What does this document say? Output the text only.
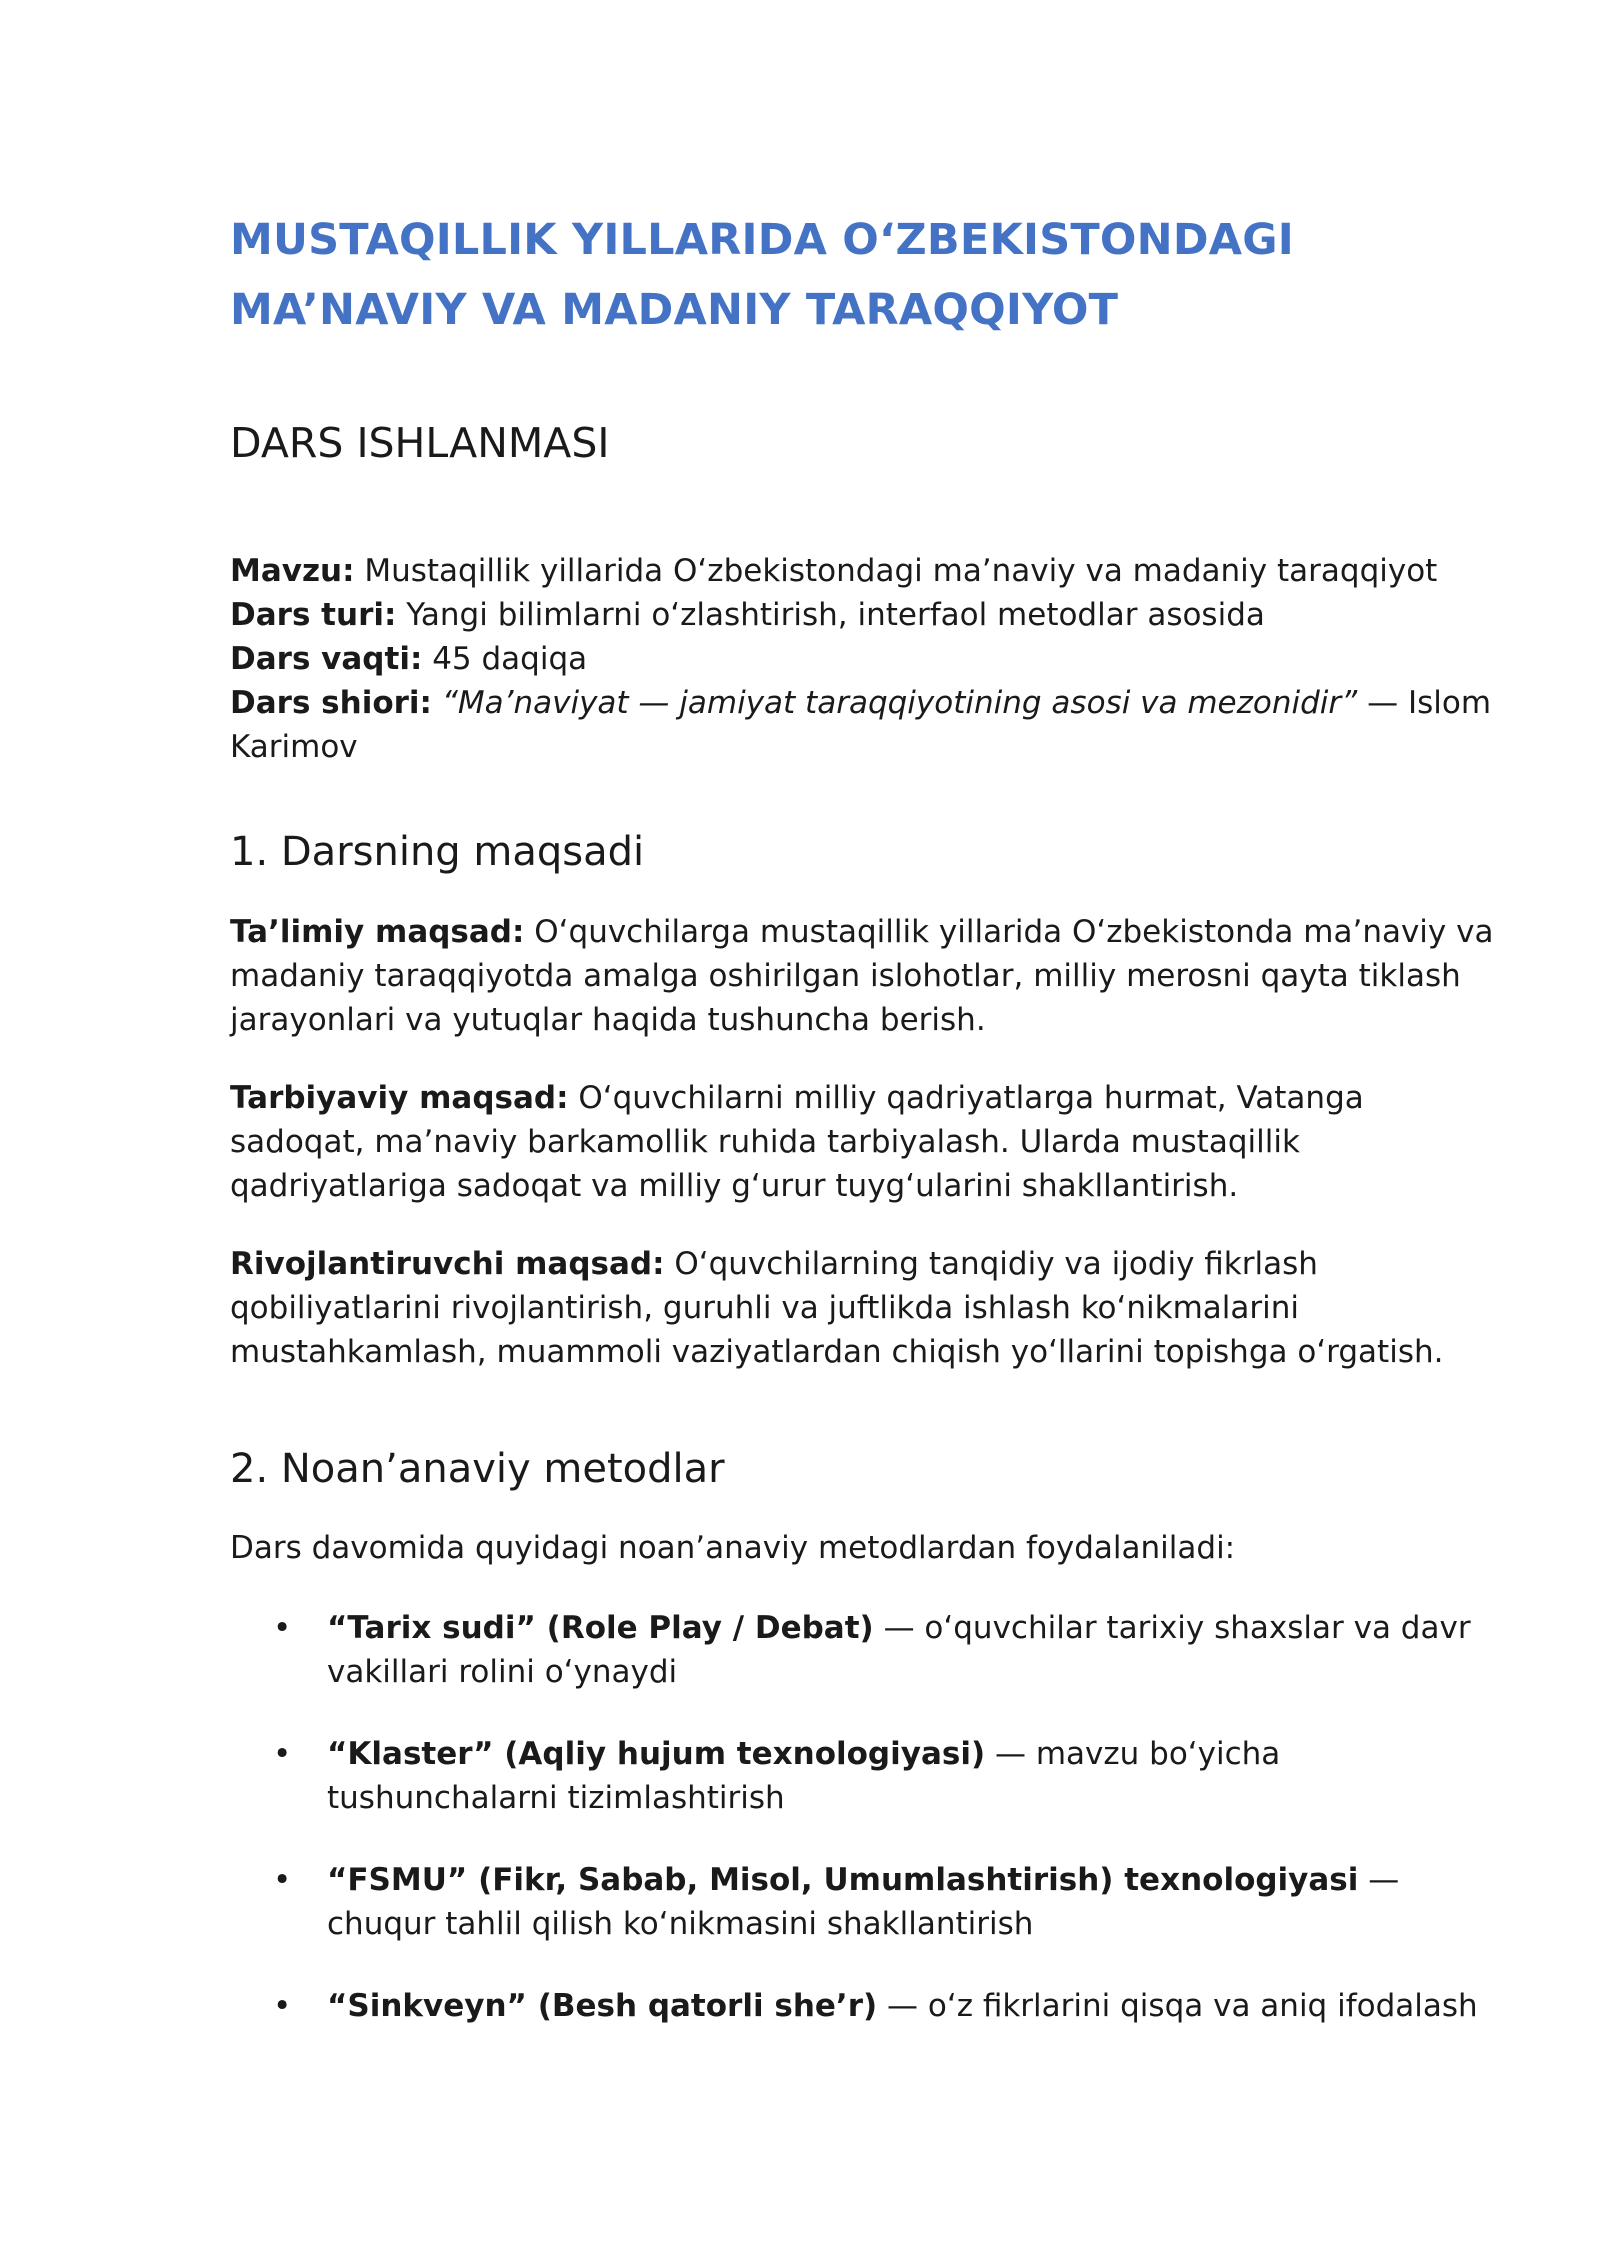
MUSTAQILLIK YILLARIDA O‘ZBEKISTONDAGI
MA’NAVIY VA MADANIY TARAQQIYOT
DARS ISHLANMASI
Mavzu: Mustaqillik yillarida O‘zbekistondagi ma’naviy va madaniy taraqqiyot
Dars turi: Yangi bilimlarni o‘zlashtirish, interfaol metodlar asosida
Dars vaqti: 45 daqiqa
Dars shiori: “Ma’naviyat — jamiyat taraqqiyotining asosi va mezonidir” — Islom Karimov
1. Darsning maqsadi

Ta’limiy maqsad: O‘quvchilarga mustaqillik yillarida O‘zbekistonda ma’naviy va madaniy taraqqiyotda amalga oshirilgan islohotlar, milliy merosni qayta tiklash jarayonlari va yutuqlar haqida tushuncha berish.

Tarbiyaviy maqsad: O‘quvchilarni milliy qadriyatlarga hurmat, Vatanga sadoqat, ma’naviy barkamollik ruhida tarbiyalash. Ularda mustaqillik qadriyatlariga sadoqat va milliy g‘urur tuyg‘ularini shakllantirish.

Rivojlantiruvchi maqsad: O‘quvchilarning tanqidiy va ijodiy fikrlash qobiliyatlarini rivojlantirish, guruhli va juftlikda ishlash ko‘nikmalarini mustahkamlash, muammoli vaziyatlardan chiqish yo‘llarini topishga o‘rgatish.

2. Noan’anaviy metodlar

Dars davomida quyidagi noan’anaviy metodlardan foydalaniladi:

• “Tarix sudi” (Role Play / Debat) — o‘quvchilar tarixiy shaxslar va davr vakillari rolini o‘ynaydi
• “Klaster” (Aqliy hujum texnologiyasi) — mavzu bo‘yicha tushunchalarni tizimlashtirish
• “FSMU” (Fikr, Sabab, Misol, Umumlashtirish) texnologiyasi — chuqur tahlil qilish ko‘nikmasini shakllantirish
• “Sinkveyn” (Besh qatorli she’r) — o‘z fikrlarini qisqa va aniq ifodalash
